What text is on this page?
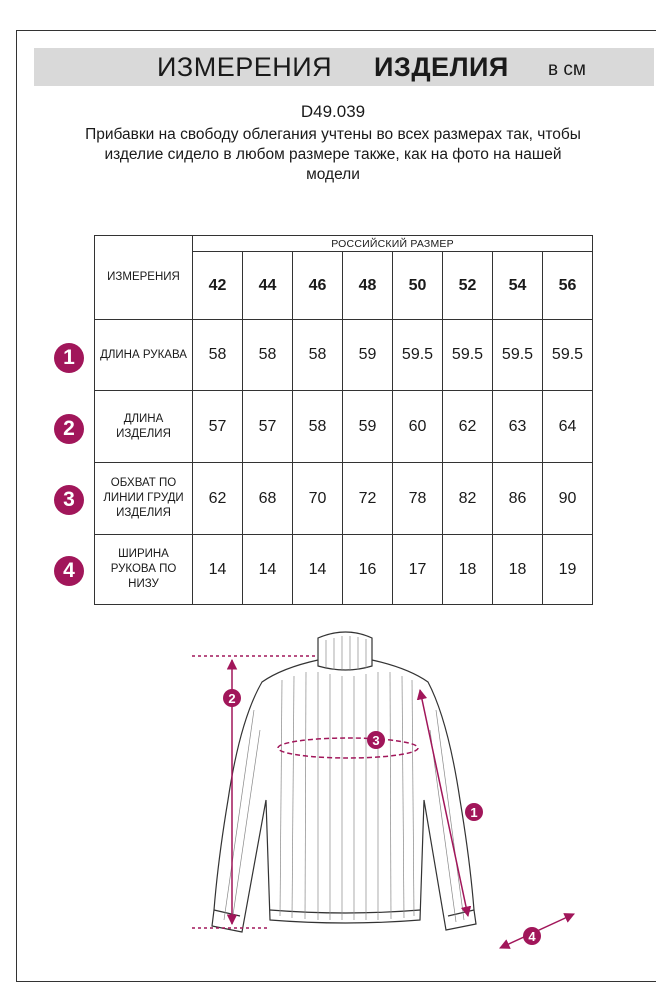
ИЗМЕРЕНИЯ ИЗДЕЛИЯ в см
D49.039
Прибавки на свободу облегания учтены во всех размерах так, чтобы изделие сидело в любом размере также, как на фото на нашей модели
ИЗМЕРЕНИЯ	РОССИЙСКИЙ РАЗМЕР							
	42	44	46	48	50	52	54	56
ДЛИНА РУКАВА	58	58	58	59	59.5	59.5	59.5	59.5
ДЛИНА ИЗДЕЛИЯ	57	57	58	59	60	62	63	64
ОБХВАТ ПО ЛИНИИ ГРУДИ ИЗДЕЛИЯ	62	68	70	72	78	82	86	90
ШИРИНА РУКОВА ПО НИЗУ	14	14	14	16	17	18	18	19
1
2
3
4
1
2
3
4
